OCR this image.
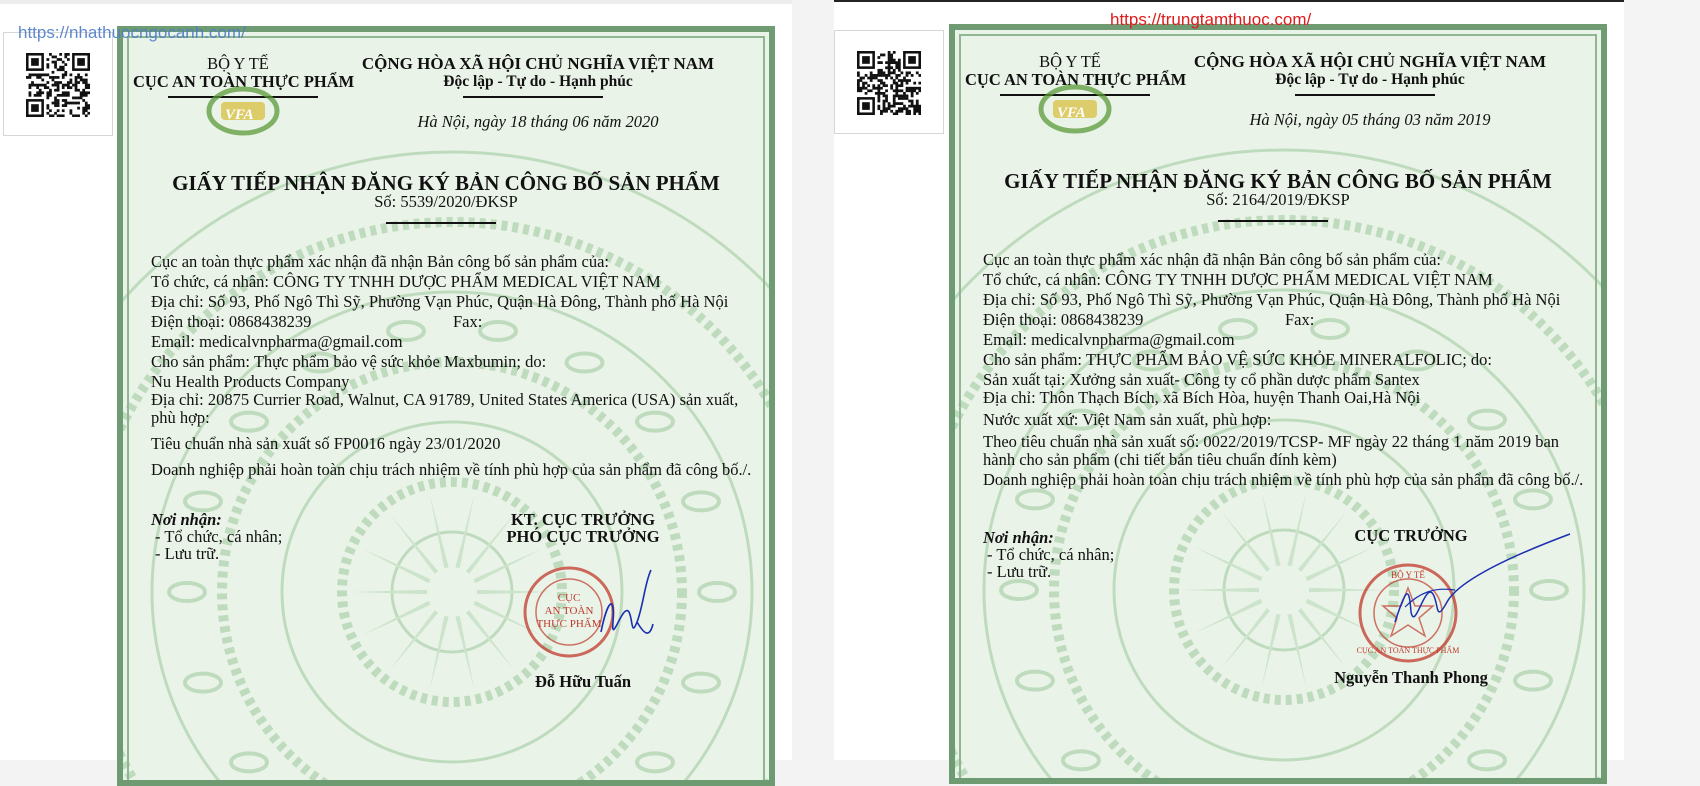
BỘ Y TẾ
CỤC AN TOÀN THỰC PHẨM
CỘNG HÒA XÃ HỘI CHỦ NGHĨA VIỆT NAM
Độc lập - Tự do - Hạnh phúc
VFA	Hà Nội, ngày 18 tháng 06 năm 2020
GIẤY TIẾP NHẬN ĐĂNG KÝ BẢN CÔNG BỐ SẢN PHẨM
Số: 5539/2020/ĐKSP
Cục an toàn thực phẩm xác nhận đã nhận Bản công bố sản phẩm của:
Tổ chức, cá nhân: CÔNG TY TNHH DƯỢC PHẨM MEDICAL VIỆT NAM
Địa chỉ: Số 93, Phố Ngô Thì Sỹ, Phường Vạn Phúc, Quận Hà Đông, Thành phố Hà Nội
Điện thoại: 0868438239	Fax:
Email: medicalvnpharma@gmail.com
Cho sản phẩm: Thực phẩm bảo vệ sức khỏe Maxbumin; do:
Nu Health Products Company
Địa chỉ: 20875 Currier Road, Walnut, CA 91789, United States America (USA) sản xuất,
phù hợp:
Tiêu chuẩn nhà sản xuất số FP0016 ngày 23/01/2020
Doanh nghiệp phải hoàn toàn chịu trách nhiệm về tính phù hợp của sản phẩm đã công bố./.
Nơi nhận:
- Tổ chức, cá nhân;
- Lưu trữ.
KT. CỤC TRƯỞNG
PHÓ CỤC TRƯỞNG
CỤC
AN TOÀN
THỰC PHẨM
Đỗ Hữu Tuấn
https://nhathuocngocanh.com/
BỘ Y TẾ
CỤC AN TOÀN THỰC PHẨM
CỘNG HÒA XÃ HỘI CHỦ NGHĨA VIỆT NAM
Độc lập - Tự do - Hạnh phúc
VFA	Hà Nội, ngày 05 tháng 03 năm 2019
GIẤY TIẾP NHẬN ĐĂNG KÝ BẢN CÔNG BỐ SẢN PHẨM
Số: 2164/2019/ĐKSP
Cục an toàn thực phẩm xác nhận đã nhận Bản công bố sản phẩm của:
Tổ chức, cá nhân: CÔNG TY TNHH DƯỢC PHẨM MEDICAL VIỆT NAM
Địa chỉ: Số 93, Phố Ngô Thì Sỹ, Phường Vạn Phúc, Quận Hà Đông, Thành phố Hà Nội
Điện thoại: 0868438239	Fax:
Email: medicalvnpharma@gmail.com
Cho sản phẩm: THỰC PHẨM BẢO VỆ SỨC KHỎE MINERALFOLIC; do:
Sản xuất tại: Xưởng sản xuất- Công ty cổ phần dược phẩm Santex
Địa chỉ: Thôn Thạch Bích, xã Bích Hòa, huyện Thanh Oai,Hà Nội
Nước xuất xứ: Việt Nam sản xuất, phù hợp:
Theo tiêu chuẩn nhà sản xuất số: 0022/2019/TCSP- MF ngày 22 tháng 1 năm 2019 ban
hành cho sản phẩm (chi tiết bản tiêu chuẩn đính kèm)
Doanh nghiệp phải hoàn toàn chịu trách nhiệm về tính phù hợp của sản phẩm đã công bố./.
Nơi nhận:
- Tổ chức, cá nhân;
- Lưu trữ.
CỤC TRƯỞNG
BỘ Y TẾ
CỤC AN TOÀN THỰC PHẨM
Nguyễn Thanh Phong
https://trungtamthuoc.com/
